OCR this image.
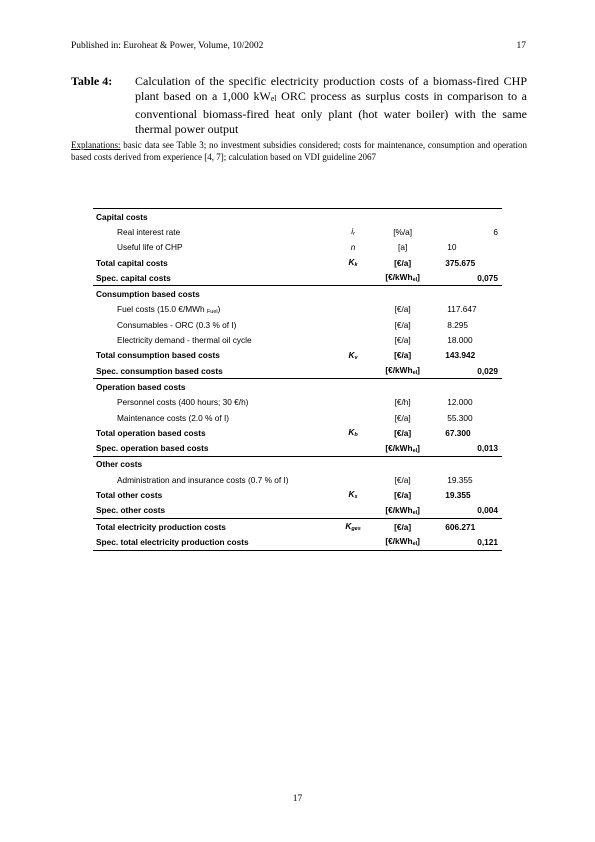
Published in: Euroheat & Power, Volume, 10/2002	17
Table 4: Calculation of the specific electricity production costs of a biomass-fired CHP plant based on a 1,000 $kW_{el}$ ORC process as surplus costs in comparison to a conventional biomass-fired heat only plant (hot water boiler) with the same thermal power output
Explanations: basic data see Table 3; no investment subsidies considered; costs for maintenance, consumption and operation based costs derived from experience [4, 7]; calculation based on VDI guideline 2067
Capital costs			
Real interest rate	$i_r$	[%/a]	6
Useful life of CHP	n	[a]	10
Total capital costs	$K_k$	[€/a]	375.675
Spec. capital costs		[€/kWh$_{el}$]	0,075
Consumption based costs			
Fuel costs (15.0 €/MWh $_{Fuel}$)		[€/a]	117.647
Consumables - ORC (0.3 % of I)		[€/a]	8.295
Electricity demand - thermal oil cycle		[€/a]	18.000
Total consumption based costs	$K_v$	[€/a]	143.942
Spec. consumption based costs		[€/kWh$_{el}$]	0,029
Operation based costs			
Personnel costs (400 hours; 30 €/h)		[€/h]	12.000
Maintenance costs (2.0 % of I)		[€/a]	55.300
Total operation based costs	$K_b$	[€/a]	67.300
Spec. operation based costs		[€/kWh$_{el}$]	0,013
Other costs			
Administration and insurance costs (0.7 % of I)		[€/a]	19.355
Total other costs	$K_s$	[€/a]	19.355
Spec. other costs		[€/kWh$_{el}$]	0,004
Total electricity production costs	$K_{ges}$	[€/a]	606.271
Spec. total electricity production costs		[€/kWh$_{el}$]	0,121
17
